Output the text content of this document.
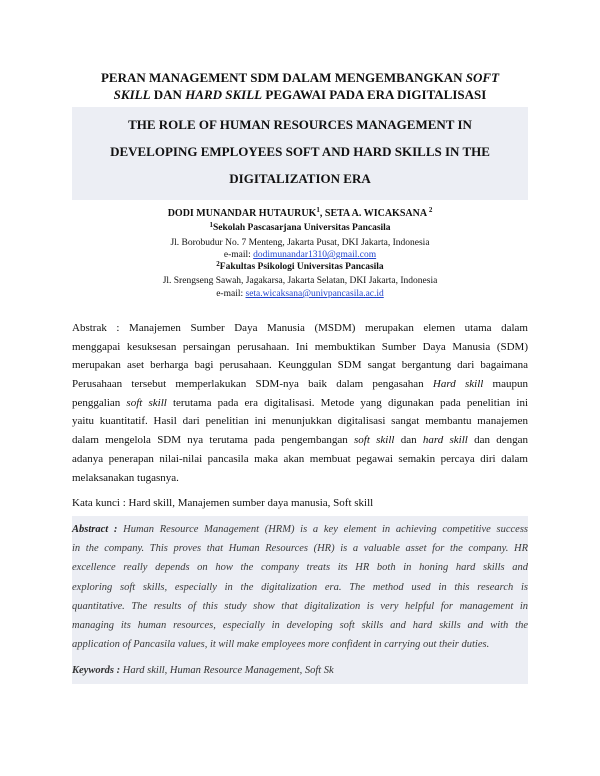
PERAN MANAGEMENT SDM DALAM MENGEMBANGKAN SOFT
SKILL DAN HARD SKILL PEGAWAI PADA ERA DIGITALISASI
THE ROLE OF HUMAN RESOURCES MANAGEMENT IN
DEVELOPING EMPLOYEES SOFT AND HARD SKILLS IN THE
DIGITALIZATION ERA
DODI MUNANDAR HUTAURUK$^1$, SETA A. WICAKSANA $^2$
$^1$Sekolah Pascasarjana Universitas Pancasila
Jl. Borobudur No. 7 Menteng, Jakarta Pusat, DKI Jakarta, Indonesia
e-mail: dodimunandar1310@gmail.com
$^2$Fakultas Psikologi Universitas Pancasila
Jl. Srengseng Sawah, Jagakarsa, Jakarta Selatan, DKI Jakarta, Indonesia
e-mail: seta.wicaksana@univpancasila.ac.id
Abstrak : Manajemen Sumber Daya Manusia (MSDM) merupakan elemen utama dalam
menggapai kesuksesan persaingan perusahaan. Ini membuktikan Sumber Daya Manusia (SDM)
merupakan aset berharga bagi perusahaan. Keunggulan SDM sangat bergantung dari bagaimana
Perusahaan tersebut memperlakukan SDM-nya baik dalam pengasahan Hard skill maupun
penggalian soft skill terutama pada era digitalisasi. Metode yang digunakan pada penelitian ini
yaitu kuantitatif. Hasil dari penelitian ini menunjukkan digitalisasi sangat membantu manajemen
dalam mengelola SDM nya terutama pada pengembangan soft skill dan hard skill dan dengan
adanya penerapan nilai-nilai pancasila maka akan membuat pegawai semakin percaya diri dalam
melaksanakan tugasnya.
Kata kunci : Hard skill, Manajemen sumber daya manusia, Soft skill
Abstract : Human Resource Management (HRM) is a key element in achieving competitive success
in the company. This proves that Human Resources (HR) is a valuable asset for the company. HR
excellence really depends on how the company treats its HR both in honing hard skills and
exploring soft skills, especially in the digitalization era. The method used in this research is
quantitative. The results of this study show that digitalization is very helpful for management in
managing its human resources, especially in developing soft skills and hard skills and with the
application of Pancasila values, it will make employees more confident in carrying out their duties.
Keywords : Hard skill, Human Resource Management, Soft Sk
